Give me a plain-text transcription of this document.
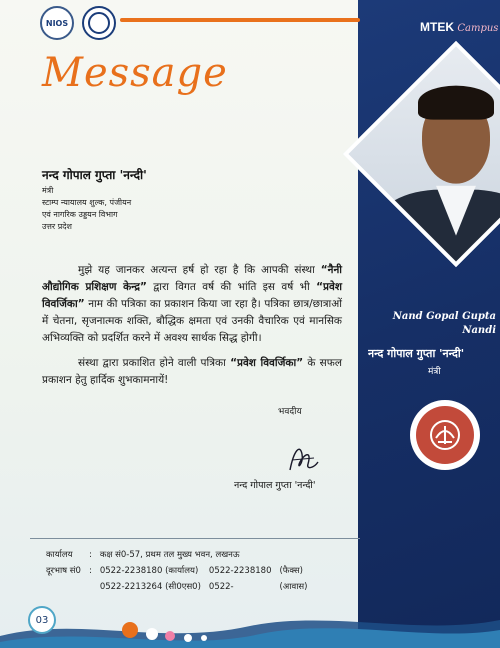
NIOS	MTEK Campus
Message
नन्द गोपाल गुप्ता 'नन्दी'
मंत्री
स्टाम्प न्यायालय शुल्क, पंजीयन
एवं नागरिक उड्डयन विभाग
उत्तर प्रदेश

मुझे यह जानकर अत्यन्त हर्ष हो रहा है कि आपकी संस्था “नैनी औद्योगिक प्रशिक्षण केन्द्र” द्वारा विगत वर्ष की भांति इस वर्ष भी “प्रवेश विवर्जिका” नाम की पत्रिका का प्रकाशन किया जा रहा है। पत्रिका छात्र/छात्राओं में चेतना, सृजनात्मक शक्ति, बौद्धिक क्षमता एवं उनकी वैचारिक एवं मानसिक अभिव्यक्ति को प्रदर्शित करने में अवश्य सार्थक सिद्ध होगी।

संस्था द्वारा प्रकाशित होने वाली पत्रिका “प्रवेश विवर्जिका” के सफल प्रकाशन हेतु हार्दिक शुभकामनायें!

भवदीय
नन्द गोपाल गुप्ता 'नन्दी'
कार्यालय	:	कक्ष सं0-57, प्रथम तल मुख्य भवन, लखनऊ		
दूरभाष सं0	:	0522-2238180 (कार्यालय)	0522-2238180	(फैक्स)
		0522-2213264 (सी0एस0)	0522-	(आवास)
03
Nand Gopal Gupta
Nandi
नन्द गोपाल गुप्ता 'नन्दी'
मंत्री
